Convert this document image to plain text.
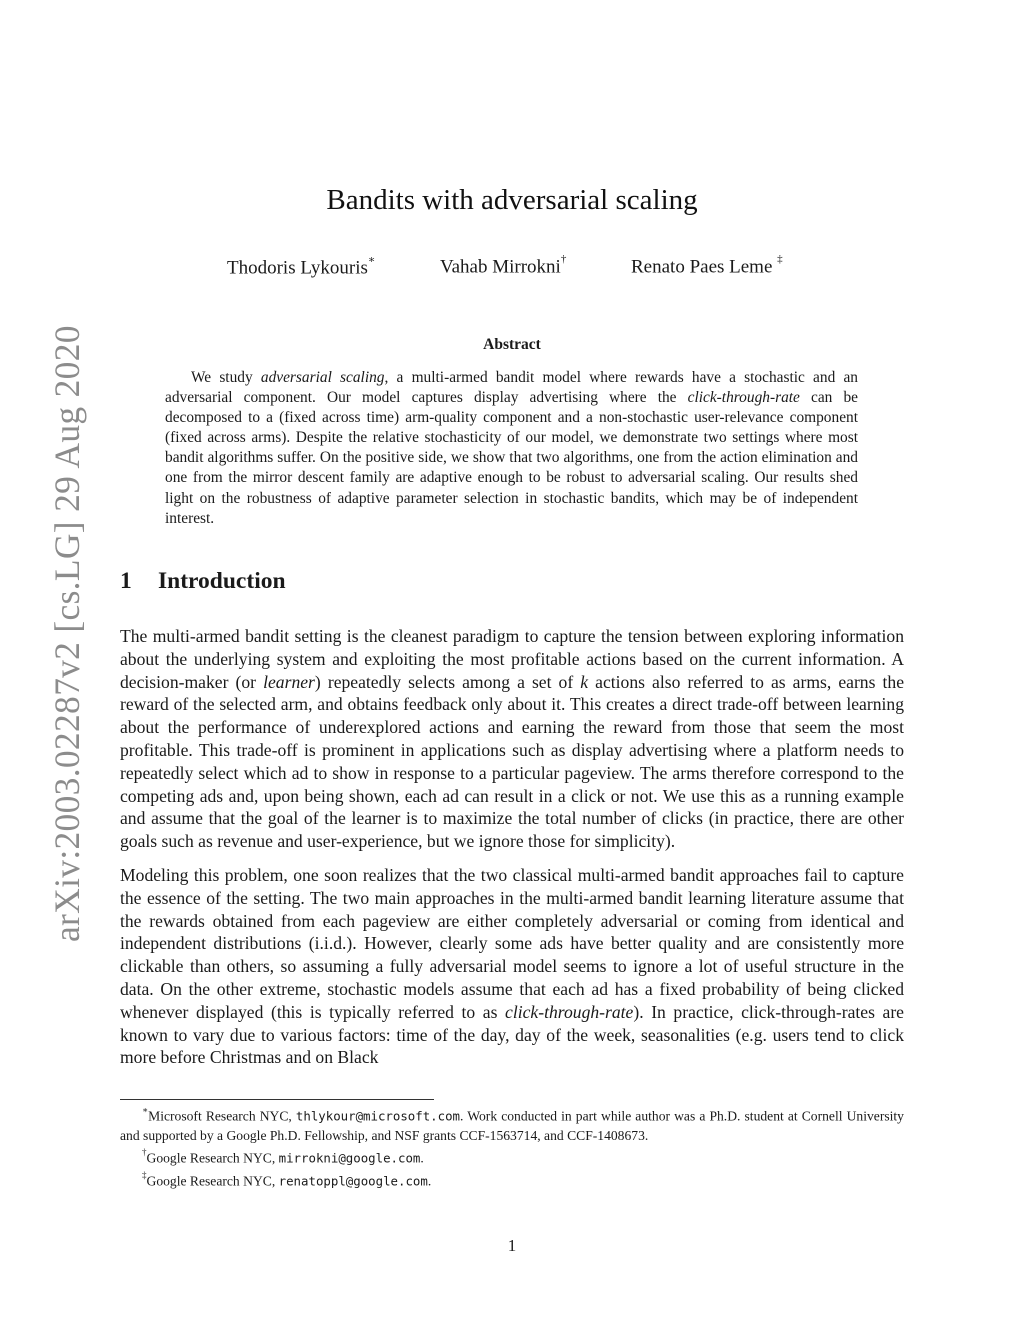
arXiv:2003.02287v2 [cs.LG] 29 Aug 2020
Bandits with adversarial scaling
Thodoris Lykouris∗	Vahab Mirrokni†	Renato Paes Leme ‡
Abstract

We study adversarial scaling, a multi-armed bandit model where rewards have a stochastic and an adversarial component. Our model captures display advertising where the click-through-rate can be decomposed to a (fixed across time) arm-quality component and a non-stochastic user-relevance component (fixed across arms). Despite the relative stochasticity of our model, we demonstrate two settings where most bandit algorithms suffer. On the positive side, we show that two algorithms, one from the action elimination and one from the mirror descent family are adaptive enough to be robust to adversarial scaling. Our results shed light on the robustness of adaptive parameter selection in stochastic bandits, which may be of independent interest.

1 Introduction

The multi-armed bandit setting is the cleanest paradigm to capture the tension between exploring information about the underlying system and exploiting the most profitable actions based on the current information. A decision-maker (or learner) repeatedly selects among a set of k actions also referred to as arms, earns the reward of the selected arm, and obtains feedback only about it. This creates a direct trade-off between learning about the performance of underexplored actions and earning the reward from those that seem the most profitable. This trade-off is prominent in applications such as display advertising where a platform needs to repeatedly select which ad to show in response to a particular pageview. The arms therefore correspond to the competing ads and, upon being shown, each ad can result in a click or not. We use this as a running example and assume that the goal of the learner is to maximize the total number of clicks (in practice, there are other goals such as revenue and user-experience, but we ignore those for simplicity).

Modeling this problem, one soon realizes that the two classical multi-armed bandit approaches fail to capture the essence of the setting. The two main approaches in the multi-armed bandit learning literature assume that the rewards obtained from each pageview are either completely adversarial or coming from identical and independent distributions (i.i.d.). However, clearly some ads have better quality and are consistently more clickable than others, so assuming a fully adversarial model seems to ignore a lot of useful structure in the data. On the other extreme, stochastic models assume that each ad has a fixed probability of being clicked whenever displayed (this is typically referred to as click-through-rate). In practice, click-through-rates are known to vary due to various factors: time of the day, day of the week, seasonalities (e.g. users tend to click more before Christmas and on Black

∗Microsoft Research NYC, thlykour@microsoft.com. Work conducted in part while author was a Ph.D. student at Cornell University and supported by a Google Ph.D. Fellowship, and NSF grants CCF-1563714, and CCF-1408673.

†Google Research NYC, mirrokni@google.com.

‡Google Research NYC, renatoppl@google.com.

1
